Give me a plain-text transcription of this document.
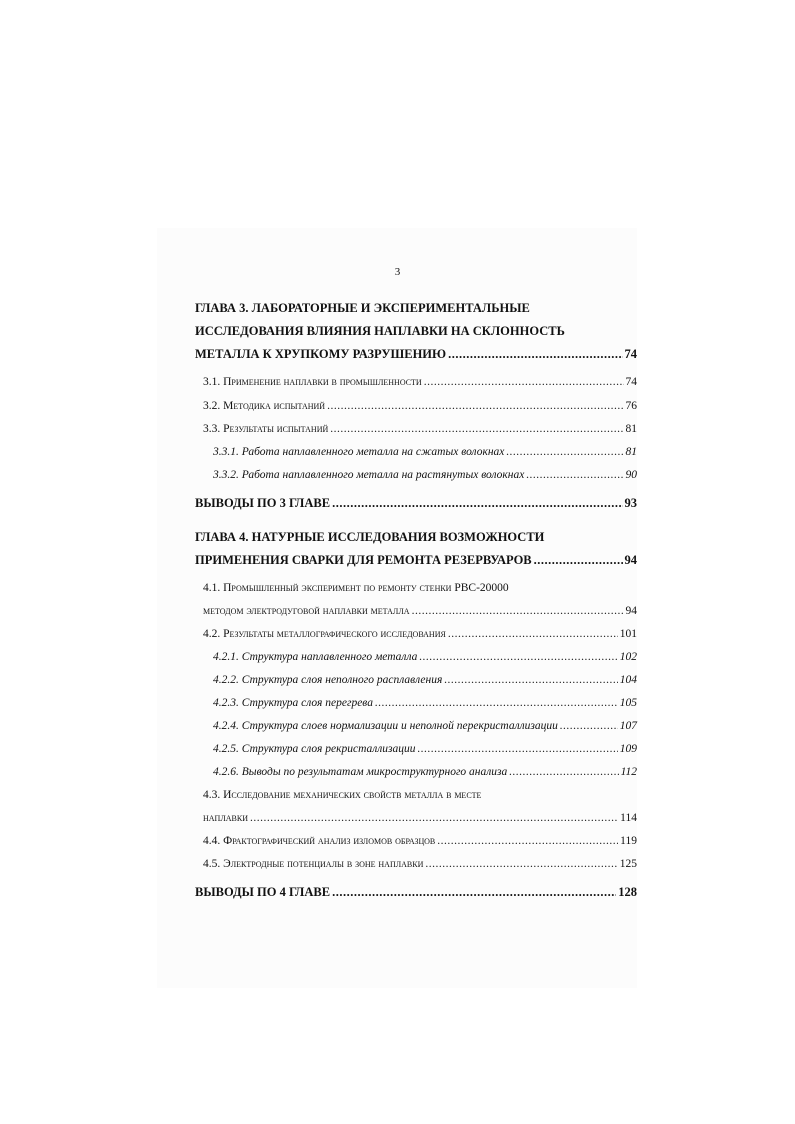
3
ГЛАВА 3. ЛАБОРАТОРНЫЕ И ЭКСПЕРИМЕНТАЛЬНЫЕ
ИССЛЕДОВАНИЯ ВЛИЯНИЯ НАПЛАВКИ НА СКЛОННОСТЬ
МЕТАЛЛА К ХРУПКОМУ РАЗРУШЕНИЮ .....	74
3.1. Применение наплавки в промышленности .....	74
3.2. Методика испытаний .....	76
3.3. Результаты испытаний .....	81
3.3.1. Работа наплавленного металла на сжатых волокнах .....	81
3.3.2. Работа наплавленного металла на растянутых волокнах .....	90
ВЫВОДЫ ПО 3 ГЛАВЕ .....	93
ГЛАВА 4. НАТУРНЫЕ ИССЛЕДОВАНИЯ ВОЗМОЖНОСТИ
ПРИМЕНЕНИЯ СВАРКИ ДЛЯ РЕМОНТА РЕЗЕРВУАРОВ .....	94
4.1. Промышленный эксперимент по ремонту стенки РВС-20000
методом электродуговой наплавки металла .....	94
4.2. Результаты металлографического исследования .....	101
4.2.1. Структура наплавленного металла .....	102
4.2.2. Структура слоя неполного расплавления .....	104
4.2.3. Структура слоя перегрева .....	105
4.2.4. Структура слоев нормализации и неполной перекристаллизации .....	107
4.2.5. Структура слоя рекристаллизации .....	109
4.2.6. Выводы по результатам микроструктурного анализа .....	112
4.3. Исследование механических свойств металла в месте
наплавки .....	114
4.4. Фрактографический анализ изломов образцов .....	119
4.5. Электродные потенциалы в зоне наплавки .....	125
ВЫВОДЫ ПО 4 ГЛАВЕ .....	128
